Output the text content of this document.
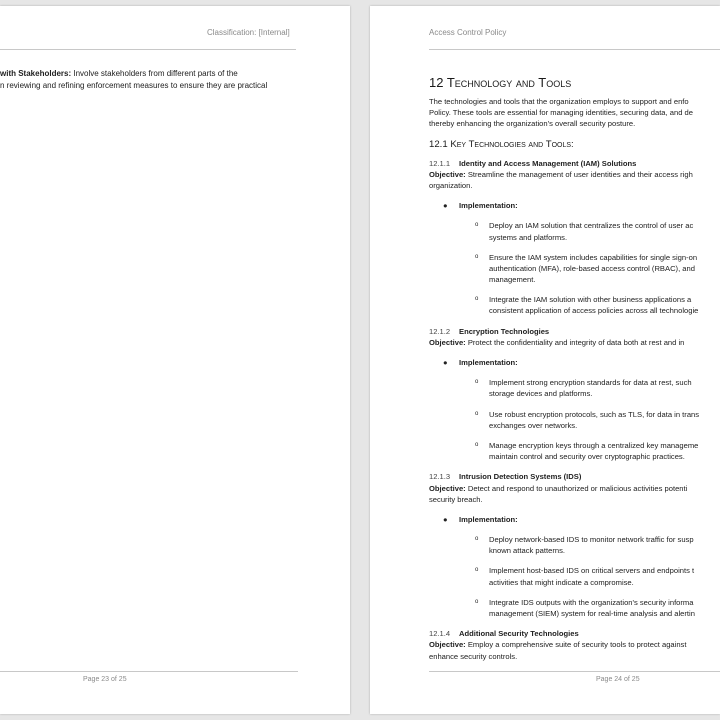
Classification: [Internal]
with Stakeholders: Involve stakeholders from different parts of the
n reviewing and refining enforcement measures to ensure they are practical
Page 23 of 25
Access Control Policy
12 Technology and Tools
The technologies and tools that the organization employs to support and enfo
Policy. These tools are essential for managing identities, securing data, and de
thereby enhancing the organization's overall security posture.
12.1 Key Technologies and Tools:
12.1.1 Identity and Access Management (IAM) Solutions
Objective: Streamline the management of user identities and their access righ
organization.
● Implementation:
o Deploy an IAM solution that centralizes the control of user ac
systems and platforms.
o Ensure the IAM system includes capabilities for single sign-on
authentication (MFA), role-based access control (RBAC), and
management.
o Integrate the IAM solution with other business applications a
consistent application of access policies across all technologie
12.1.2 Encryption Technologies
Objective: Protect the confidentiality and integrity of data both at rest and in
● Implementation:
o Implement strong encryption standards for data at rest, such
storage devices and platforms.
o Use robust encryption protocols, such as TLS, for data in trans
exchanges over networks.
o Manage encryption keys through a centralized key manageme
maintain control and security over cryptographic practices.
12.1.3 Intrusion Detection Systems (IDS)
Objective: Detect and respond to unauthorized or malicious activities potenti
security breach.
● Implementation:
o Deploy network-based IDS to monitor network traffic for susp
known attack patterns.
o Implement host-based IDS on critical servers and endpoints t
activities that might indicate a compromise.
o Integrate IDS outputs with the organization's security informa
management (SIEM) system for real-time analysis and alertin
12.1.4 Additional Security Technologies
Objective: Employ a comprehensive suite of security tools to protect against
enhance security controls.
Page 24 of 25
